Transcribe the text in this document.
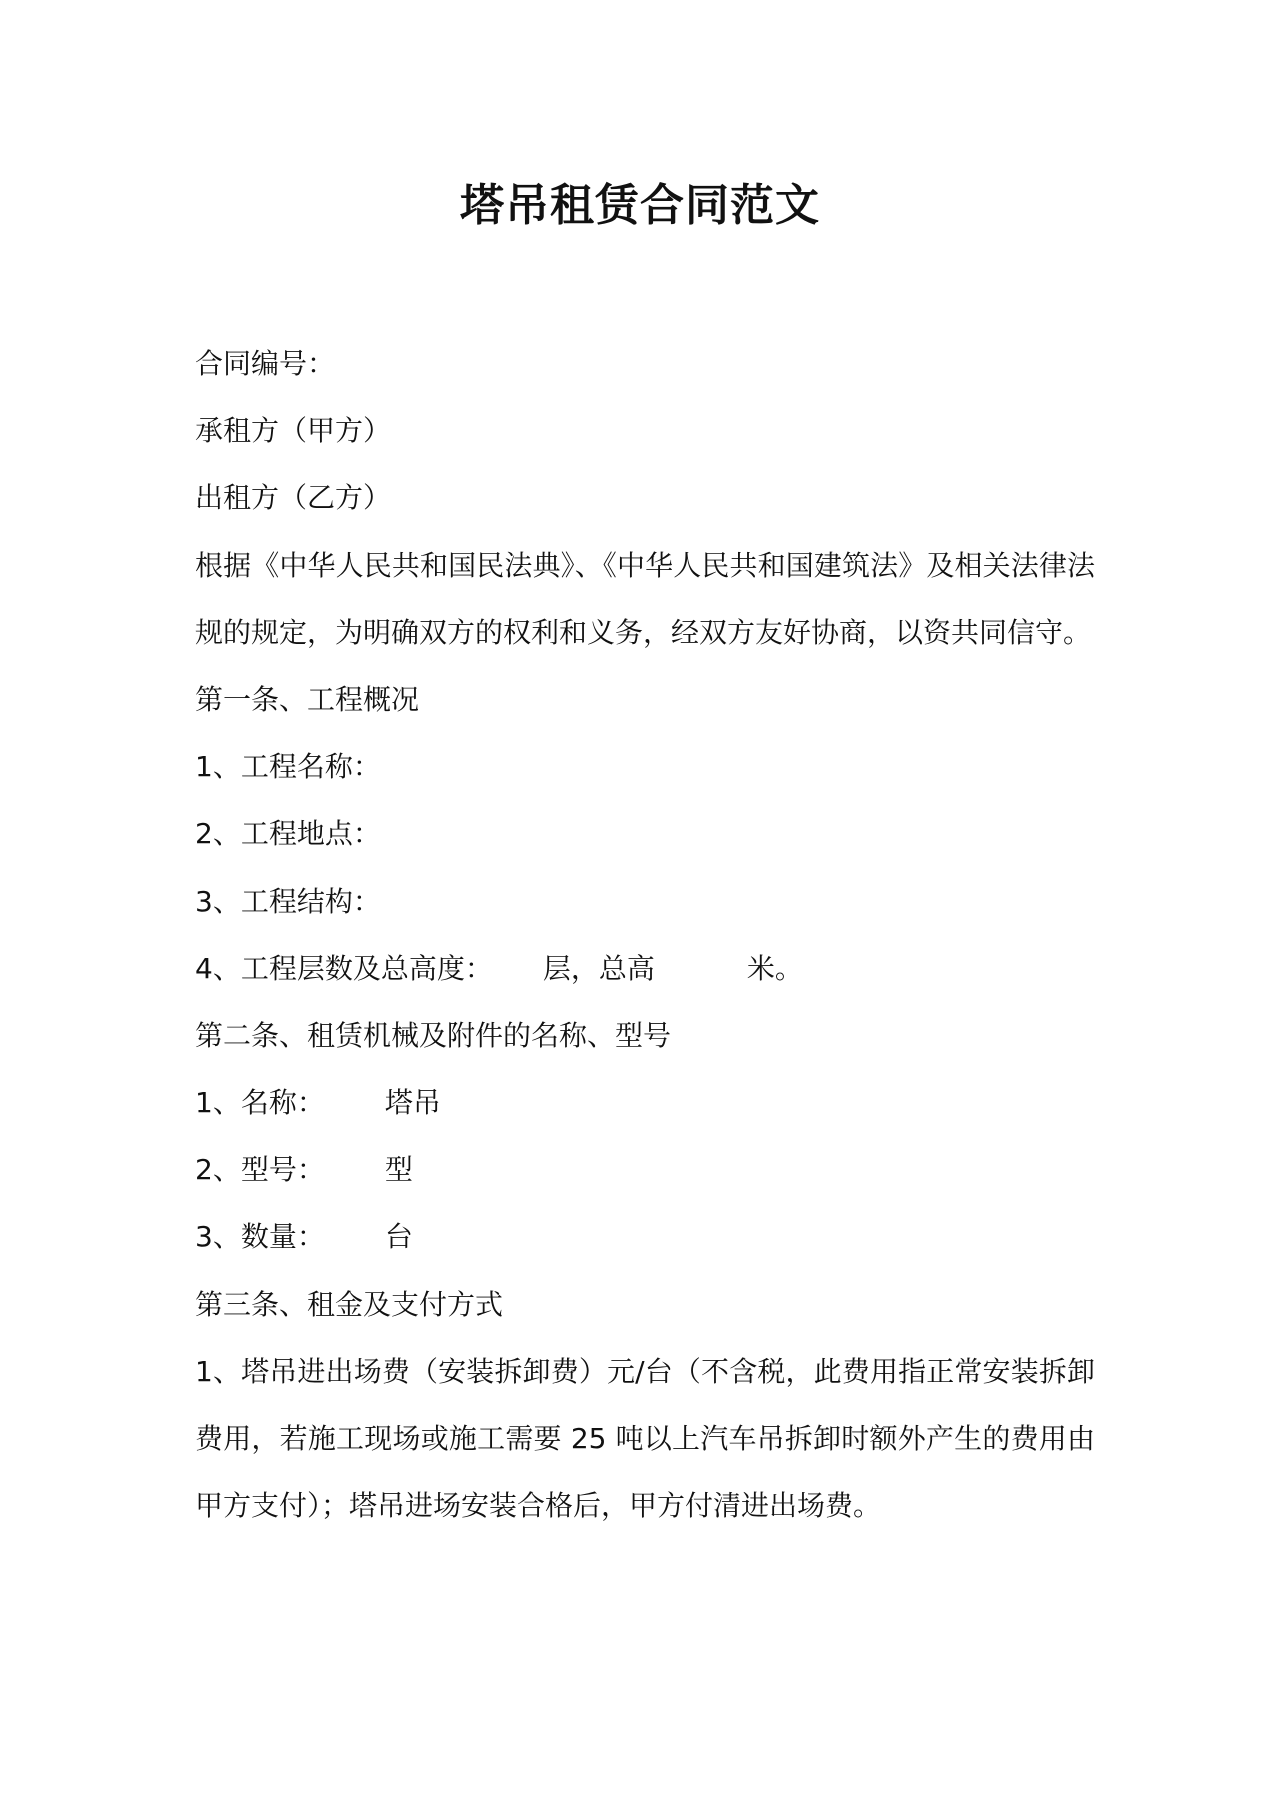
塔吊租赁合同范文
合同编号：
承租方（甲方）
出租方（乙方）
根据《中华人民共和国民法典》、《中华人民共和国建筑法》及相关法律法规的规定，为明确双方的权利和义务，经双方友好协商，以资共同信守。
第一条、工程概况
1、工程名称：
2、工程地点：
3、工程结构：
4、工程层数及总高度： 层，总高	米。
第二条、租赁机械及附件的名称、型号
1、名称： 塔吊
2、型号： 型
3、数量： 台
第三条、租金及支付方式
1、塔吊进出场费（安装拆卸费）元/台（不含税，此费用指正常安装拆卸费用，若施工现场或施工需要 25 吨以上汽车吊拆卸时额外产生的费用由甲方支付）；塔吊进场安装合格后，甲方付清进出场费。
